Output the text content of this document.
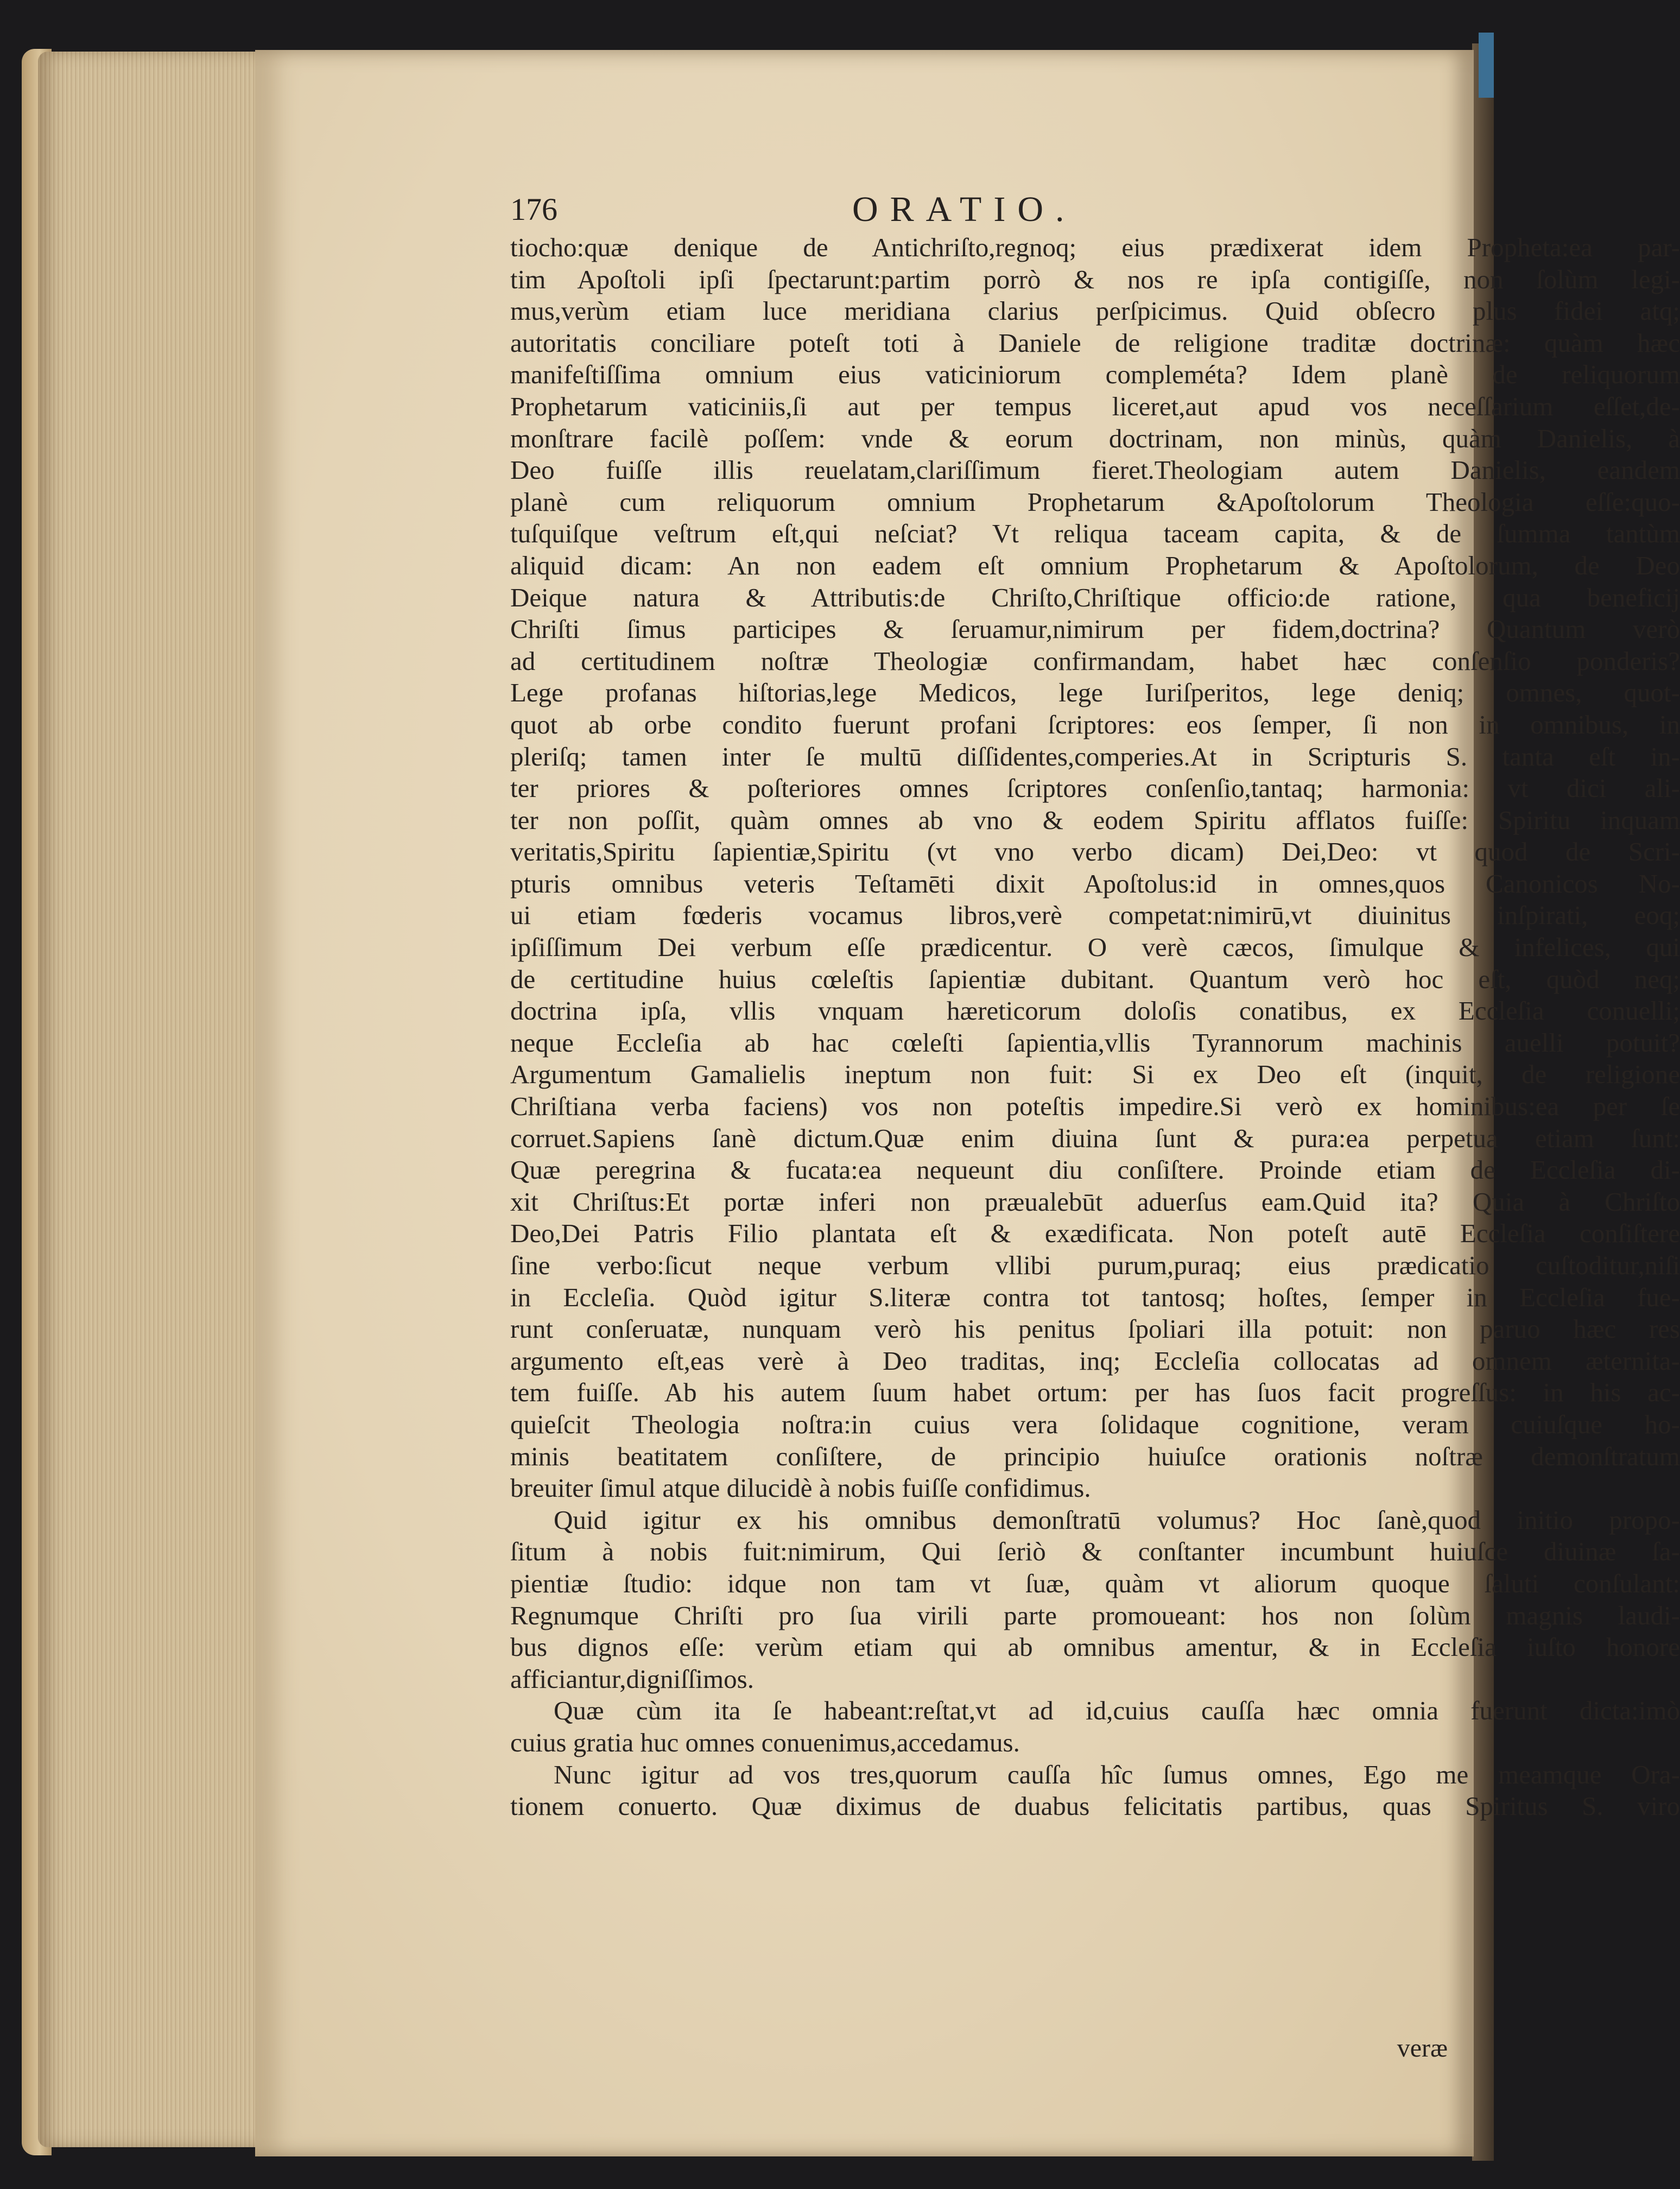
176	ORATIO.
tiocho:quæ denique de Antichriſto,regnoq; eius prædixerat idem Propheta:ea par-
tim Apoſtoli ipſi ſpectarunt:partim porrò & nos re ipſa contigiſſe, non ſolùm legi-
mus,verùm etiam luce meridiana clarius perſpicimus. Quid obſecro plus fidei atq;
autoritatis conciliare poteſt toti à Daniele de religione traditæ doctrinæ: quàm hæc
manifeſtiſſima omnium eius vaticiniorum compleméta? Idem planè de reliquorum
Prophetarum vaticiniis,ſi aut per tempus liceret,aut apud vos neceſſarium eſſet,de-
monſtrare facilè poſſem: vnde & eorum doctrinam, non minùs, quàm Danielis, à
Deo fuiſſe illis reuelatam,clariſſimum fieret.Theologiam autem Danielis, eandem
planè cum reliquorum omnium Prophetarum &Apoſtolorum Theologia eſſe:quo-
tuſquiſque veſtrum eſt,qui neſciat? Vt reliqua taceam capita, & de ſumma tantùm
aliquid dicam: An non eadem eſt omnium Prophetarum & Apoſtolorum, de Deo
Deique natura & Attributis:de Chriſto,Chriſtique officio:de ratione, qua beneficij
Chriſti ſimus participes & ſeruamur,nimirum per fidem,doctrina? Quantum verò
ad certitudinem noſtræ Theologiæ confirmandam, habet hæc conſenſio ponderis?
Lege profanas hiſtorias,lege Medicos, lege Iuriſperitos, lege deniq; omnes, quot-
quot ab orbe condito fuerunt profani ſcriptores: eos ſemper, ſi non in omnibus, in
pleriſq; tamen inter ſe multū diſſidentes,comperies.At in Scripturis S. tanta eſt in-
ter priores & poſteriores omnes ſcriptores conſenſio,tantaq; harmonia: vt dici ali-
ter non poſſit, quàm omnes ab vno & eodem Spiritu afflatos fuiſſe: Spiritu inquam
veritatis,Spiritu ſapientiæ,Spiritu (vt vno verbo dicam) Dei,Deo: vt quod de Scri-
pturis omnibus veteris Teſtamēti dixit Apoſtolus:id in omnes,quos Canonicos No-
ui etiam fœderis vocamus libros,verè competat:nimirū,vt diuinitus inſpirati, eoq;
ipſiſſimum Dei verbum eſſe prædicentur. O verè cæcos, ſimulque & infelices, qui
de certitudine huius cœleſtis ſapientiæ dubitant. Quantum verò hoc eſt, quòd neq;
doctrina ipſa, vllis vnquam hæreticorum doloſis conatibus, ex Eccleſia conuelli;
neque Eccleſia ab hac cœleſti ſapientia,vllis Tyrannorum machinis auelli potuit?
Argumentum Gamalielis ineptum non fuit: Si ex Deo eſt (inquit, de religione
Chriſtiana verba faciens) vos non poteſtis impedire.Si verò ex hominibus:ea per ſe
corruet.Sapiens ſanè dictum.Quæ enim diuina ſunt & pura:ea perpetua etiam ſunt:
Quæ peregrina & fucata:ea nequeunt diu conſiſtere. Proinde etiam de Eccleſia di-
xit Chriſtus:Et portæ inferi non præualebūt aduerſus eam.Quid ita? Quia à Chriſto
Deo,Dei Patris Filio plantata eſt & exædificata. Non poteſt autē Eccleſia conſiſtere
ſine verbo:ſicut neque verbum vllibi purum,puraq; eius prædicatio cuſtoditur,niſi
in Eccleſia. Quòd igitur S.literæ contra tot tantosq; hoſtes, ſemper in Eccleſia fue-
runt conſeruatæ, nunquam verò his penitus ſpoliari illa potuit: non paruo hæc res
argumento eſt,eas verè à Deo traditas, inq; Eccleſia collocatas ad omnem æternita-
tem fuiſſe. Ab his autem ſuum habet ortum: per has ſuos facit progreſſus: in his ac-
quieſcit Theologia noſtra:in cuius vera ſolidaque cognitione, veram cuiuſque ho-
minis beatitatem conſiſtere, de principio huiuſce orationis noſtræ demonſtratum
breuiter ſimul atque dilucidè à nobis fuiſſe confidimus.
Quid igitur ex his omnibus demonſtratū volumus? Hoc ſanè,quod initio propo-
ſitum à nobis fuit:nimirum, Qui ſeriò & conſtanter incumbunt huiuſce diuinæ ſa-
pientiæ ſtudio: idque non tam vt ſuæ, quàm vt aliorum quoque ſaluti conſulant:
Regnumque Chriſti pro ſua virili parte promoueant: hos non ſolùm magnis laudi-
bus dignos eſſe: verùm etiam qui ab omnibus amentur, & in Eccleſia iuſto honore
afficiantur,digniſſimos.
Quæ cùm ita ſe habeant:reſtat,vt ad id,cuius cauſſa hæc omnia fuerunt dicta:imò
cuius gratia huc omnes conuenimus,accedamus.
Nunc igitur ad vos tres,quorum cauſſa hîc ſumus omnes, Ego me meamque Ora-
tionem conuerto. Quæ diximus de duabus felicitatis partibus, quas Spiritus S. viro
veræ
